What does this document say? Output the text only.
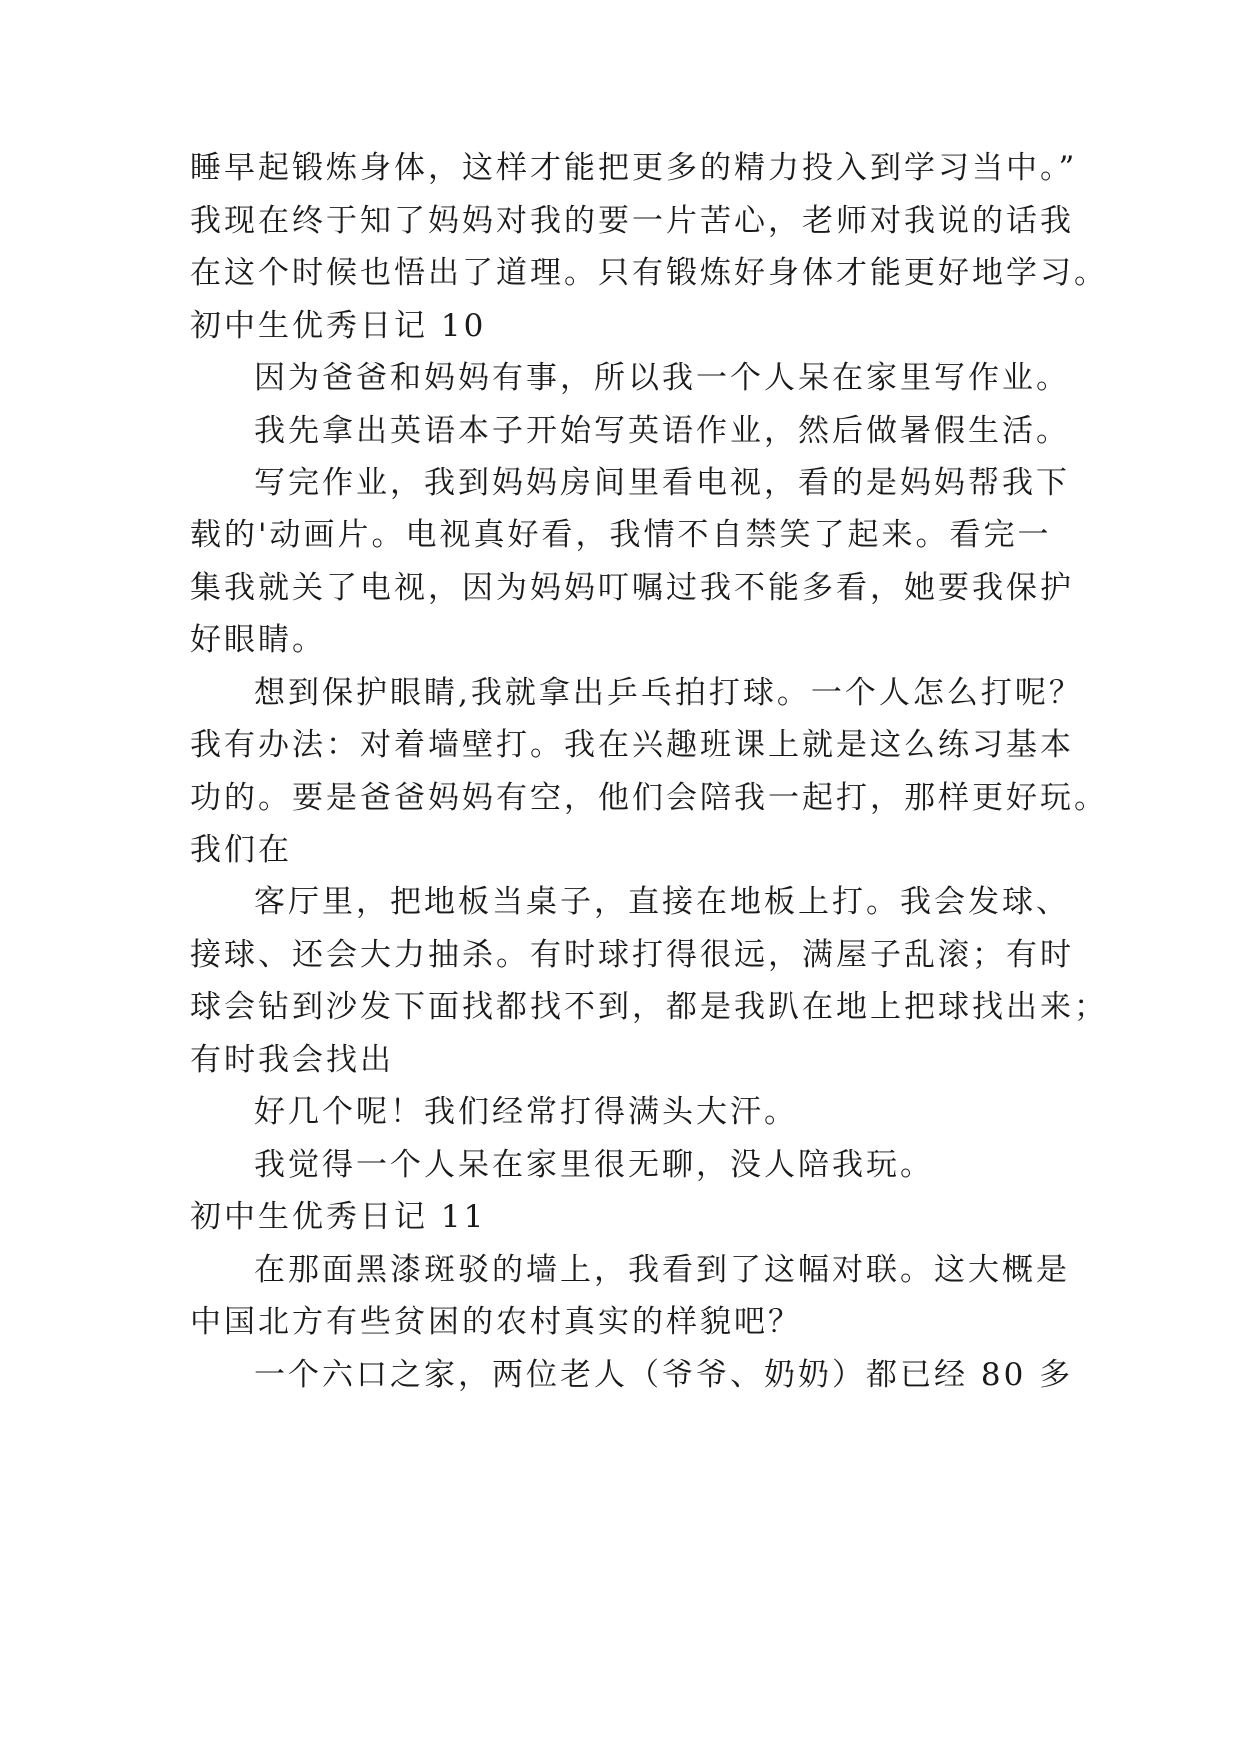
睡早起锻炼身体，这样才能把更多的精力投入到学习当中。”

我现在终于知了妈妈对我的要一片苦心，老师对我说的话我

在这个时候也悟出了道理。只有锻炼好身体才能更好地学习。

初中生优秀日记 10

因为爸爸和妈妈有事，所以我一个人呆在家里写作业。

我先拿出英语本子开始写英语作业，然后做暑假生活。

写完作业，我到妈妈房间里看电视，看的是妈妈帮我下

载的'动画片。电视真好看，我情不自禁笑了起来。看完一

集我就关了电视，因为妈妈叮嘱过我不能多看，她要我保护

好眼睛。

想到保护眼睛,我就拿出乒乓拍打球。一个人怎么打呢？

我有办法：对着墙壁打。我在兴趣班课上就是这么练习基本

功的。要是爸爸妈妈有空，他们会陪我一起打，那样更好玩。

我们在

客厅里，把地板当桌子，直接在地板上打。我会发球、

接球、还会大力抽杀。有时球打得很远，满屋子乱滚；有时

球会钻到沙发下面找都找不到，都是我趴在地上把球找出来；

有时我会找出

好几个呢！我们经常打得满头大汗。

我觉得一个人呆在家里很无聊，没人陪我玩。

初中生优秀日记 11

在那面黑漆斑驳的墙上，我看到了这幅对联。这大概是

中国北方有些贫困的农村真实的样貌吧？

一个六口之家，两位老人（爷爷、奶奶）都已经 80 多
